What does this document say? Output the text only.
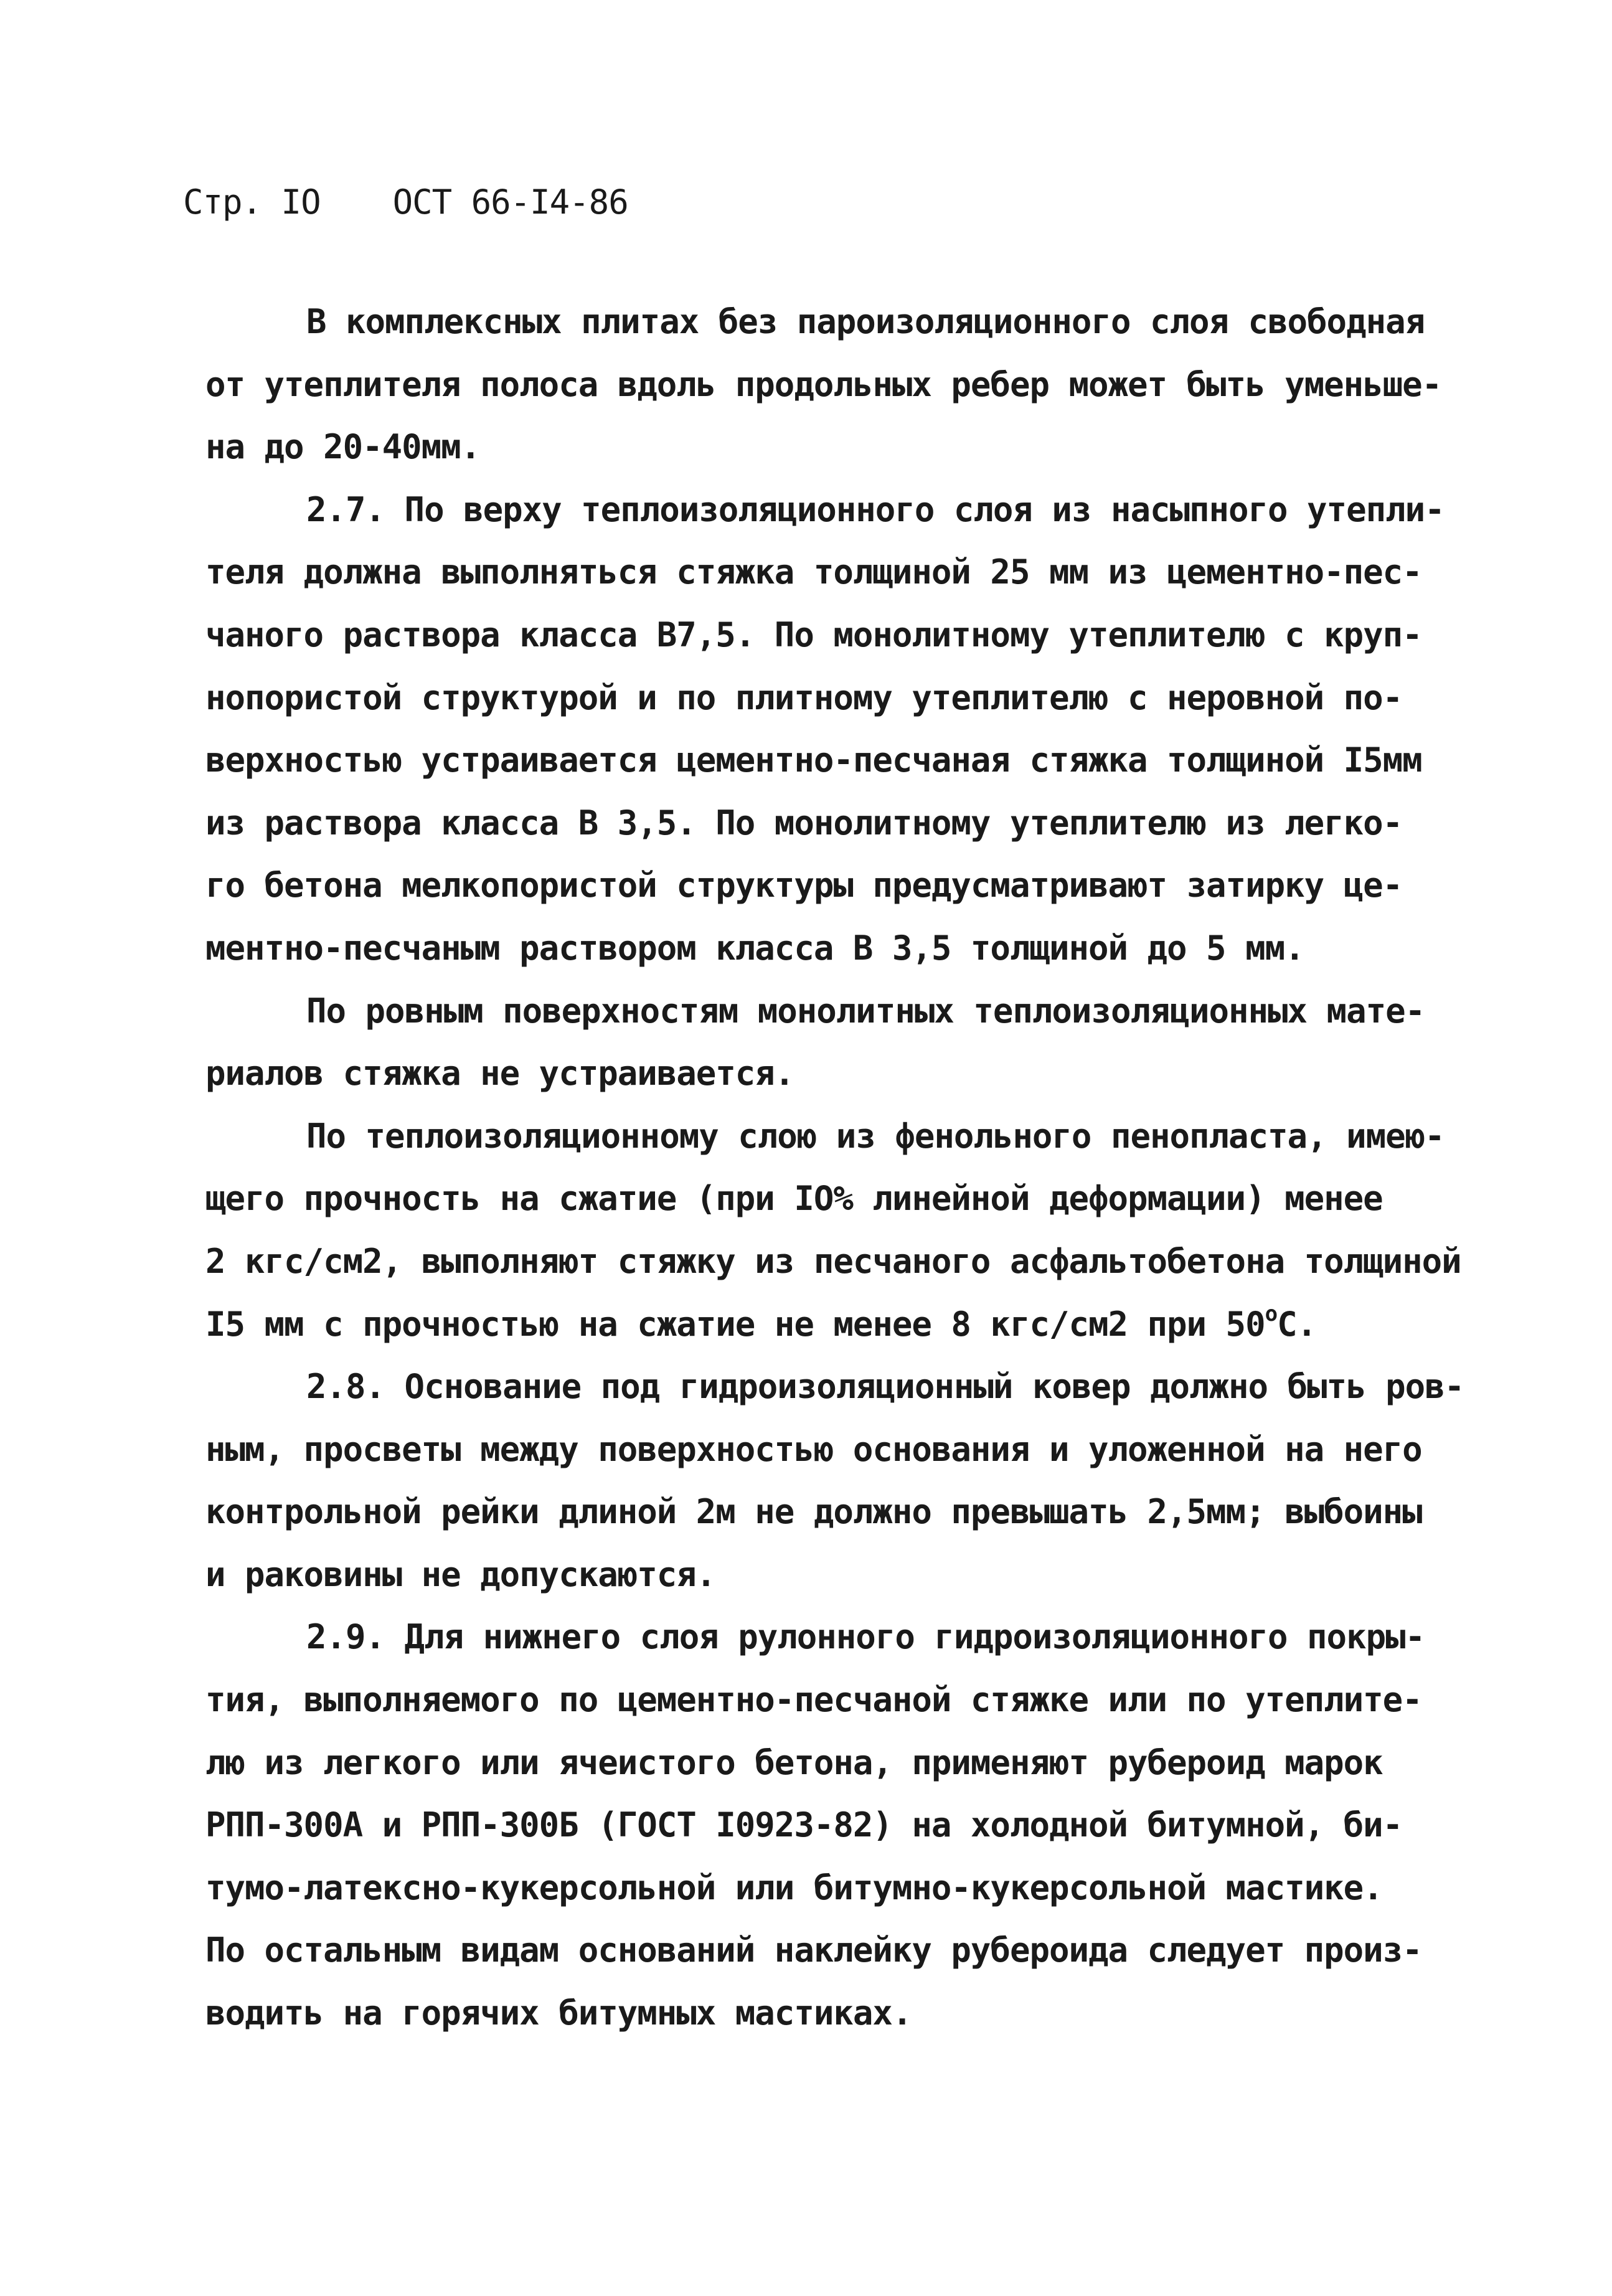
Стр. IO ОСТ 66-I4-86
В комплексных плитах без пароизоляционного слоя свободная
от утеплителя полоса вдоль продольных ребер может быть уменьше-
на до 20-40мм.
2.7. По верху теплоизоляционного слоя из насыпного утепли-
теля должна выполняться стяжка толщиной 25 мм из цементно-пес-
чаного раствора класса В7,5. По монолитному утеплителю с круп-
нопористой структурой и по плитному утеплителю с неровной по-
верхностью устраивается цементно-песчаная стяжка толщиной I5мм
из раствора класса В 3,5. По монолитному утеплителю из легко-
го бетона мелкопористой структуры предусматривают затирку це-
ментно-песчаным раствором класса В 3,5 толщиной до 5 мм.
По ровным поверхностям монолитных теплоизоляционных мате-
риалов стяжка не устраивается.
По теплоизоляционному слою из фенольного пенопласта, имею-
щего прочность на сжатие (при IO% линейной деформации) менее
2 кгс/см2, выполняют стяжку из песчаного асфальтобетона толщиной
I5 мм с прочностью на сжатие не менее 8 кгс/см2 при $50^оС$.
2.8. Основание под гидроизоляционный ковер должно быть ров-
ным, просветы между поверхностью основания и уложенной на него
контрольной рейки длиной 2м не должно превышать 2,5мм; выбоины
и раковины не допускаются.
2.9. Для нижнего слоя рулонного гидроизоляционного покры-
тия, выполняемого по цементно-песчаной стяжке или по утеплите-
лю из легкого или ячеистого бетона, применяют рубероид марок
РПП-300А и РПП-300Б (ГОСТ I0923-82) на холодной битумной, би-
тумо-латексно-кукерсольной или битумно-кукерсольной мастике.
По остальным видам оснований наклейку рубероида следует произ-
водить на горячих битумных мастиках.
